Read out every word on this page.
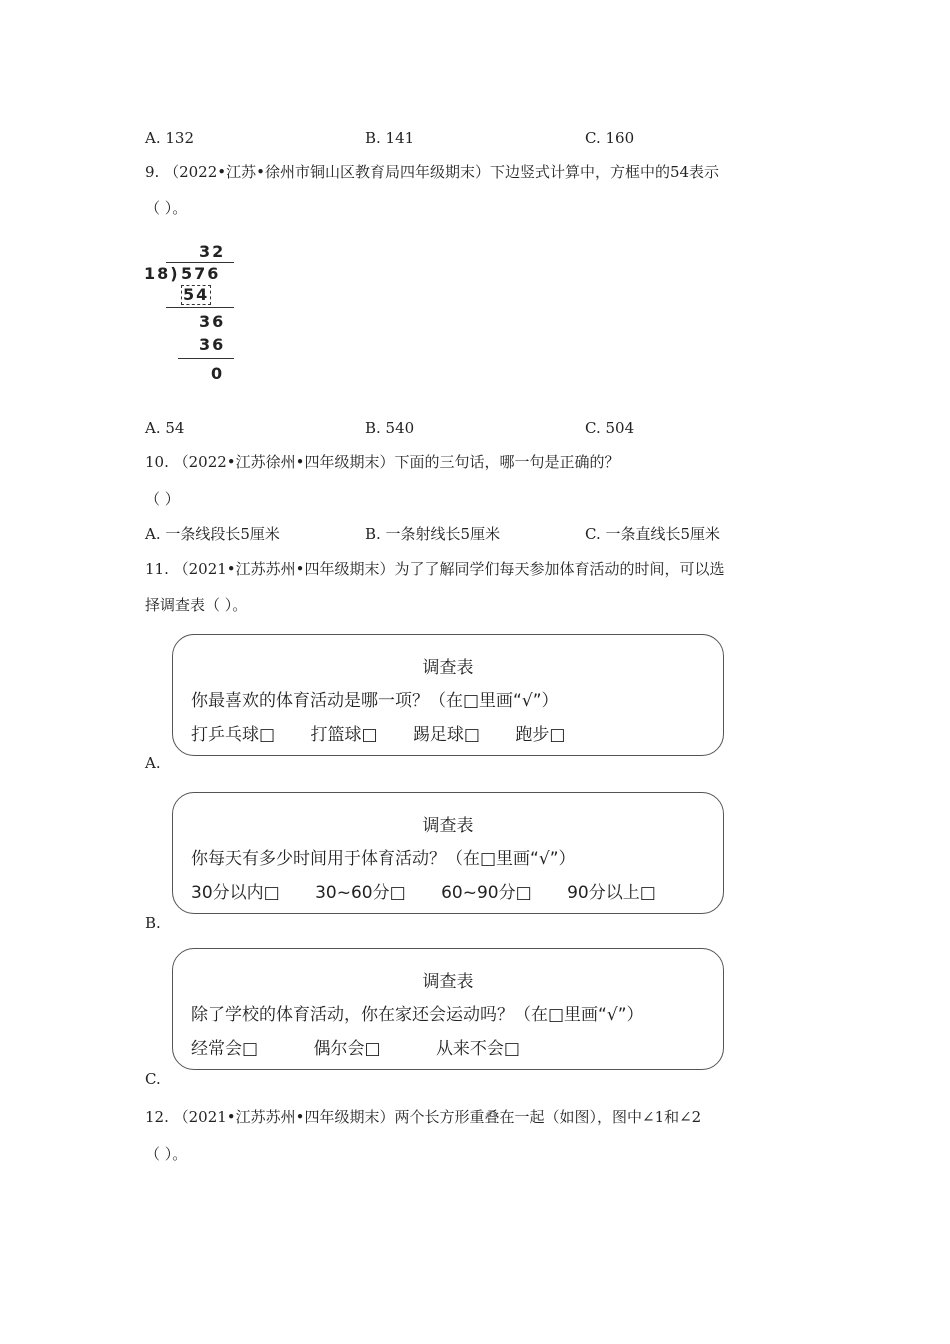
A. 132	B. 141	C. 160
9. （2022•江苏•徐州市铜山区教育局四年级期末）下边竖式计算中，方框中的54表示
（ ）。
32
18) 576
54
36
36
0
A. 54	B. 540	C. 504
10. （2022•江苏徐州•四年级期末）下面的三句话，哪一句是正确的？
（ ）
A. 一条线段长5厘米	B. 一条射线长5厘米	C. 一条直线长5厘米
11. （2021•江苏苏州•四年级期末）为了了解同学们每天参加体育活动的时间，可以选
择调查表（ ）。
调查表
你最喜欢的体育活动是哪一项？（在□里画“√”）
打乒乓球□ 打篮球□ 踢足球□ 跑步□
A.
调查表
你每天有多少时间用于体育活动？（在□里画“√”）
30分以内□ 30~60分□ 60~90分□ 90分以上□
B.
调查表
除了学校的体育活动，你在家还会运动吗？（在□里画“√”）
经常会□	偶尔会□	从来不会□
C.
12. （2021•江苏苏州•四年级期末）两个长方形重叠在一起（如图），图中∠1和∠2
（ ）。
